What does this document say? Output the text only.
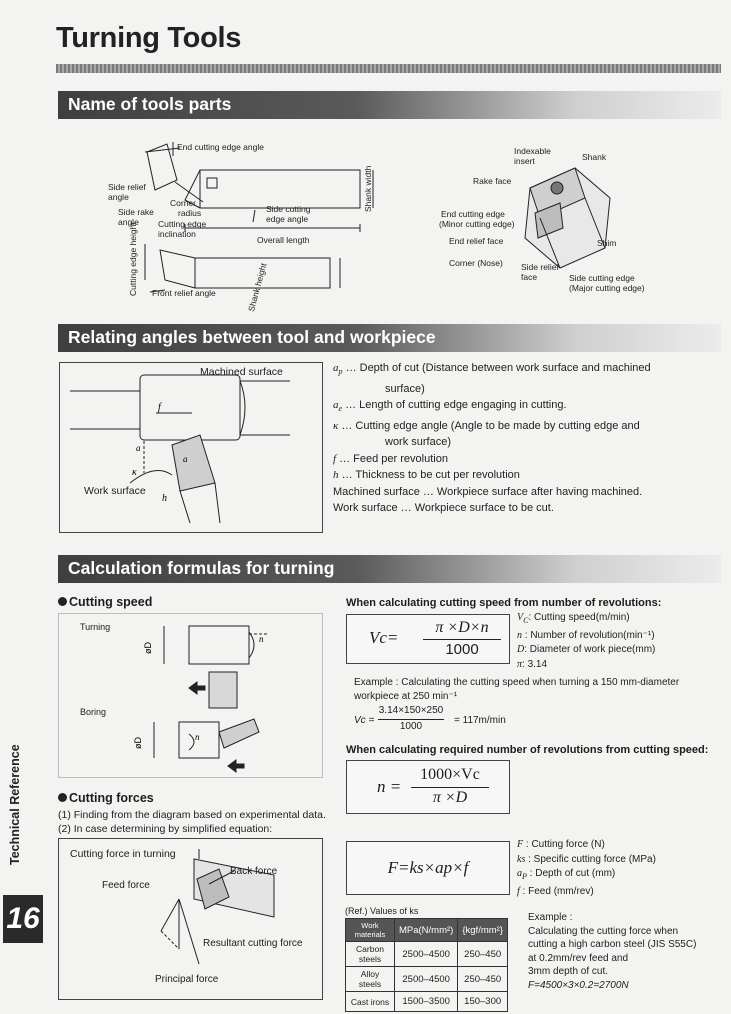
Turning Tools
Name of tools parts
End cutting edge angle
Side relief
angle
Corner
radius
Side rake
angle	Cutting edge
inclination
Side cutting
edge angle
Overall length
Shank width
Cutting edge height
Front relief angle	Shank height
Indexable
insert	Shank
Rake face
End cutting edge
(Minor cutting edge)
End relief face	Shim
Corner (Nose) Side relief
face	Side cutting edge
(Major cutting edge)
Relating angles between tool and workpiece
f
a
a
κ
h
Machined surface
Work surface
$a_p$ … Depth of cut (Distance between work surface and machined
surface)
$a_e$ … Length of cutting edge engaging in cutting.
κ … Cutting edge angle (Angle to be made by cutting edge and
work surface)
f … Feed per revolution
h … Thickness to be cut per revolution
Machined surface … Workpiece surface after having machined.
Work surface … Workpiece surface to be cut.
Calculation formulas for turning
Cutting speed
øD
øD
n
n
Turning
Boring
When calculating cutting speed from number of revolutions:
Vc=
π ×D×n
1000
$V_C$: Cutting speed(m/min)
n : Number of revolution(min⁻¹)
D: Diameter of work piece(mm)
π: 3.14
Example : Calculating the cutting speed when turning a 150 mm-diameter
workpiece at 250 min⁻¹
Vc =
3.14×150×250
1000
= 117m/min
When calculating required number of revolutions from cutting speed:
n =
1000×Vc
π ×D
Cutting forces
(1) Finding from the diagram based on experimental data.
(2) In case determining by simplified equation:
Cutting force in turning
Feed force
Back force
Resultant cutting force
Principal force
F=ks×ap×f
F : Cutting force (N)
ks : Specific cutting force (MPa)
$a_P$ : Depth of cut (mm)
f : Feed (mm/rev)
(Ref.) Values of ks
Work materials	MPa(N/mm²)	{kgf/mm²}
Carbon steels	2500–4500	250–450
Alloy steels	2500–4500	250–450
Cast irons	1500–3500	150–300
Example :
Calculating the cutting force when
cutting a high carbon steel (JIS S55C)
at 0.2mm/rev feed and
3mm depth of cut.
F=4500×3×0.2=2700N
Technical Reference
16
